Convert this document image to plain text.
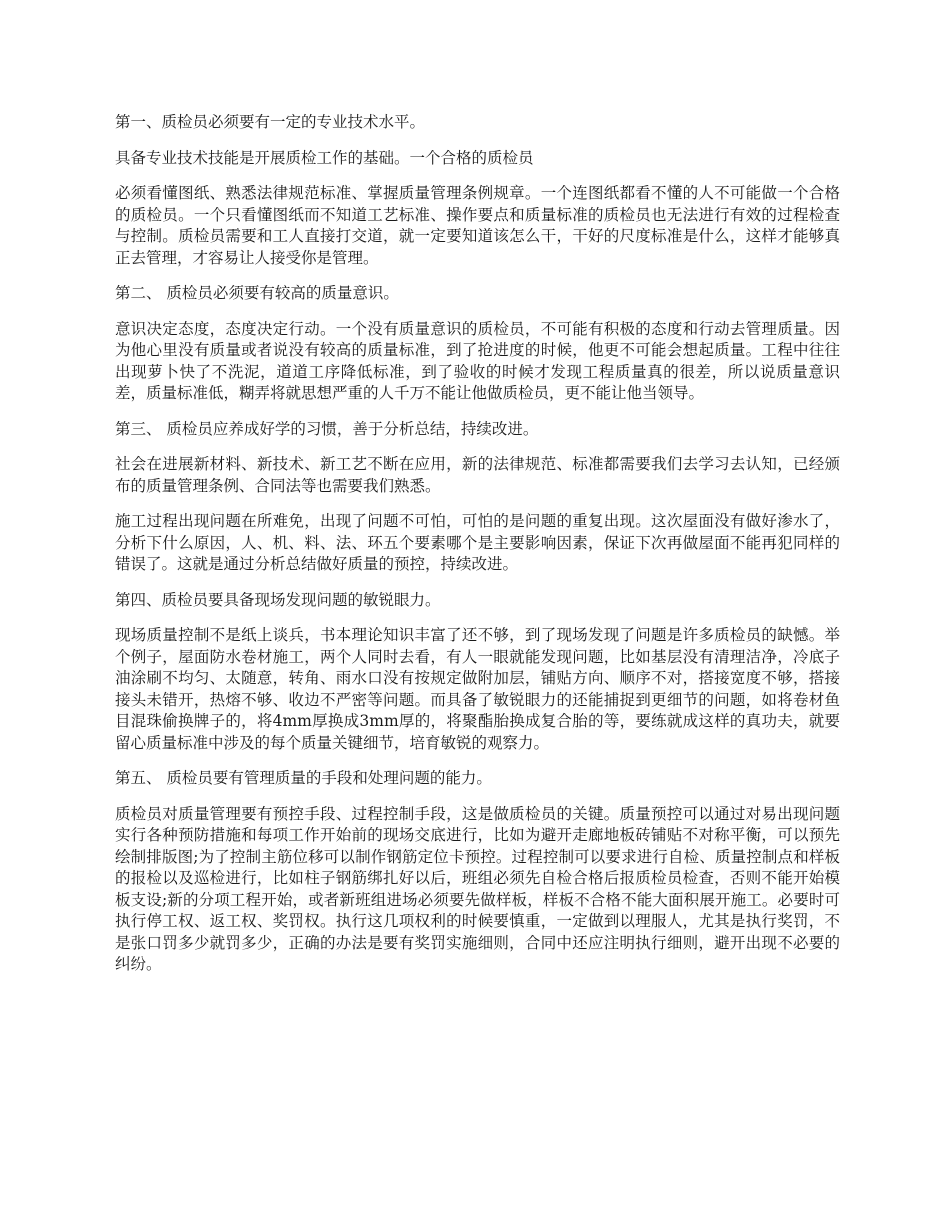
第一、质检员必须要有一定的专业技术水平。

具备专业技术技能是开展质检工作的基础。一个合格的质检员

必须看懂图纸、熟悉法律规范标准、掌握质量管理条例规章。一个连图纸都看不懂的人不可能做一个合格的质检员。一个只看懂图纸而不知道工艺标准、操作要点和质量标准的质检员也无法进行有效的过程检查与控制。质检员需要和工人直接打交道，就一定要知道该怎么干，干好的尺度标准是什么，这样才能够真正去管理，才容易让人接受你是管理。

第二、 质检员必须要有较高的质量意识。

意识决定态度，态度决定行动。一个没有质量意识的质检员，不可能有积极的态度和行动去管理质量。因为他心里没有质量或者说没有较高的质量标准，到了抢进度的时候，他更不可能会想起质量。工程中往往出现萝卜快了不洗泥，道道工序降低标准，到了验收的时候才发现工程质量真的很差，所以说质量意识差，质量标准低，糊弄将就思想严重的人千万不能让他做质检员，更不能让他当领导。

第三、 质检员应养成好学的习惯，善于分析总结，持续改进。

社会在进展新材料、新技术、新工艺不断在应用，新的法律规范、标准都需要我们去学习去认知，已经颁布的质量管理条例、合同法等也需要我们熟悉。

施工过程出现问题在所难免，出现了问题不可怕，可怕的是问题的重复出现。这次屋面没有做好渗水了，分析下什么原因，人、机、料、法、环五个要素哪个是主要影响因素，保证下次再做屋面不能再犯同样的错误了。这就是通过分析总结做好质量的预控，持续改进。

第四、质检员要具备现场发现问题的敏锐眼力。

现场质量控制不是纸上谈兵，书本理论知识丰富了还不够，到了现场发现了问题是许多质检员的缺憾。举个例子，屋面防水卷材施工，两个人同时去看，有人一眼就能发现问题，比如基层没有清理洁净，冷底子油涂刷不均匀、太随意，转角、雨水口没有按规定做附加层，铺贴方向、顺序不对，搭接宽度不够，搭接接头未错开，热熔不够、收边不严密等问题。而具备了敏锐眼力的还能捕捉到更细节的问题，如将卷材鱼目混珠偷换牌子的，将4mm厚换成3mm厚的，将聚酯胎换成复合胎的等，要练就成这样的真功夫，就要留心质量标准中涉及的每个质量关键细节，培育敏锐的观察力。

第五、 质检员要有管理质量的手段和处理问题的能力。

质检员对质量管理要有预控手段、过程控制手段，这是做质检员的关键。质量预控可以通过对易出现问题实行各种预防措施和每项工作开始前的现场交底进行，比如为避开走廊地板砖铺贴不对称平衡，可以预先绘制排版图;为了控制主筋位移可以制作钢筋定位卡预控。过程控制可以要求进行自检、质量控制点和样板的报检以及巡检进行，比如柱子钢筋绑扎好以后，班组必须先自检合格后报质检员检查，否则不能开始模板支设;新的分项工程开始，或者新班组进场必须要先做样板，样板不合格不能大面积展开施工。必要时可执行停工权、返工权、奖罚权。执行这几项权利的时候要慎重，一定做到以理服人，尤其是执行奖罚，不是张口罚多少就罚多少，正确的办法是要有奖罚实施细则，合同中还应注明执行细则，避开出现不必要的纠纷。
